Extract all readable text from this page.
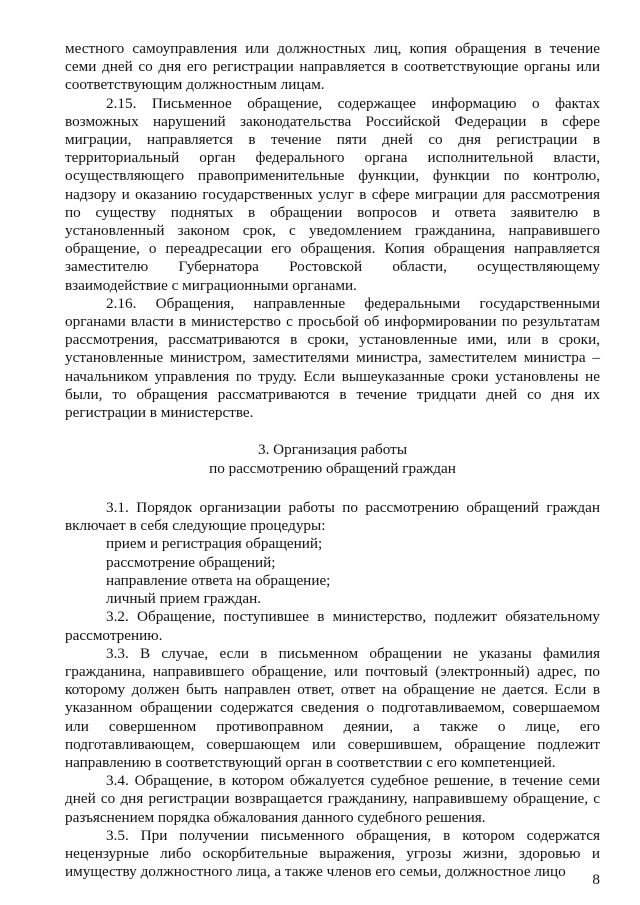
местного самоуправления или должностных лиц, копия обращения в течение семи дней со дня его регистрации направляется в соответствующие органы или соответствующим должностным лицам.

2.15. Письменное обращение, содержащее информацию о фактах возможных нарушений законодательства Российской Федерации в сфере миграции, направляется в течение пяти дней со дня регистрации в территориальный орган федерального органа исполнительной власти, осуществляющего правоприменительные функции, функции по контролю, надзору и оказанию государственных услуг в сфере миграции для рассмотрения по существу поднятых в обращении вопросов и ответа заявителю в установленный законом срок, с уведомлением гражданина, направившего обращение, о переадресации его обращения. Копия обращения направляется заместителю Губернатора Ростовской области, осуществляющему взаимодействие с миграционными органами.

2.16. Обращения, направленные федеральными государственными органами власти в министерство с просьбой об информировании по результатам рассмотрения, рассматриваются в сроки, установленные ими, или в сроки, установленные министром, заместителями министра, заместителем министра – начальником управления по труду. Если вышеуказанные сроки установлены не были, то обращения рассматриваются в течение тридцати дней со дня их регистрации в министерстве.

3. Организация работы
по рассмотрению обращений граждан

3.1. Порядок организации работы по рассмотрению обращений граждан включает в себя следующие процедуры:

прием и регистрация обращений;
рассмотрение обращений;
направление ответа на обращение;
личный прием граждан.

3.2. Обращение, поступившее в министерство, подлежит обязательному рассмотрению.

3.3. В случае, если в письменном обращении не указаны фамилия гражданина, направившего обращение, или почтовый (электронный) адрес, по которому должен быть направлен ответ, ответ на обращение не дается. Если в указанном обращении содержатся сведения о подготавливаемом, совершаемом или совершенном противоправном деянии, а также о лице, его подготавливающем, совершающем или совершившем, обращение подлежит направлению в соответствующий орган в соответствии с его компетенцией.

3.4. Обращение, в котором обжалуется судебное решение, в течение семи дней со дня регистрации возвращается гражданину, направившему обращение, с разъяснением порядка обжалования данного судебного решения.

3.5. При получении письменного обращения, в котором содержатся нецензурные либо оскорбительные выражения, угрозы жизни, здоровью и имуществу должностного лица, а также членов его семьи, должностное лицо	8
